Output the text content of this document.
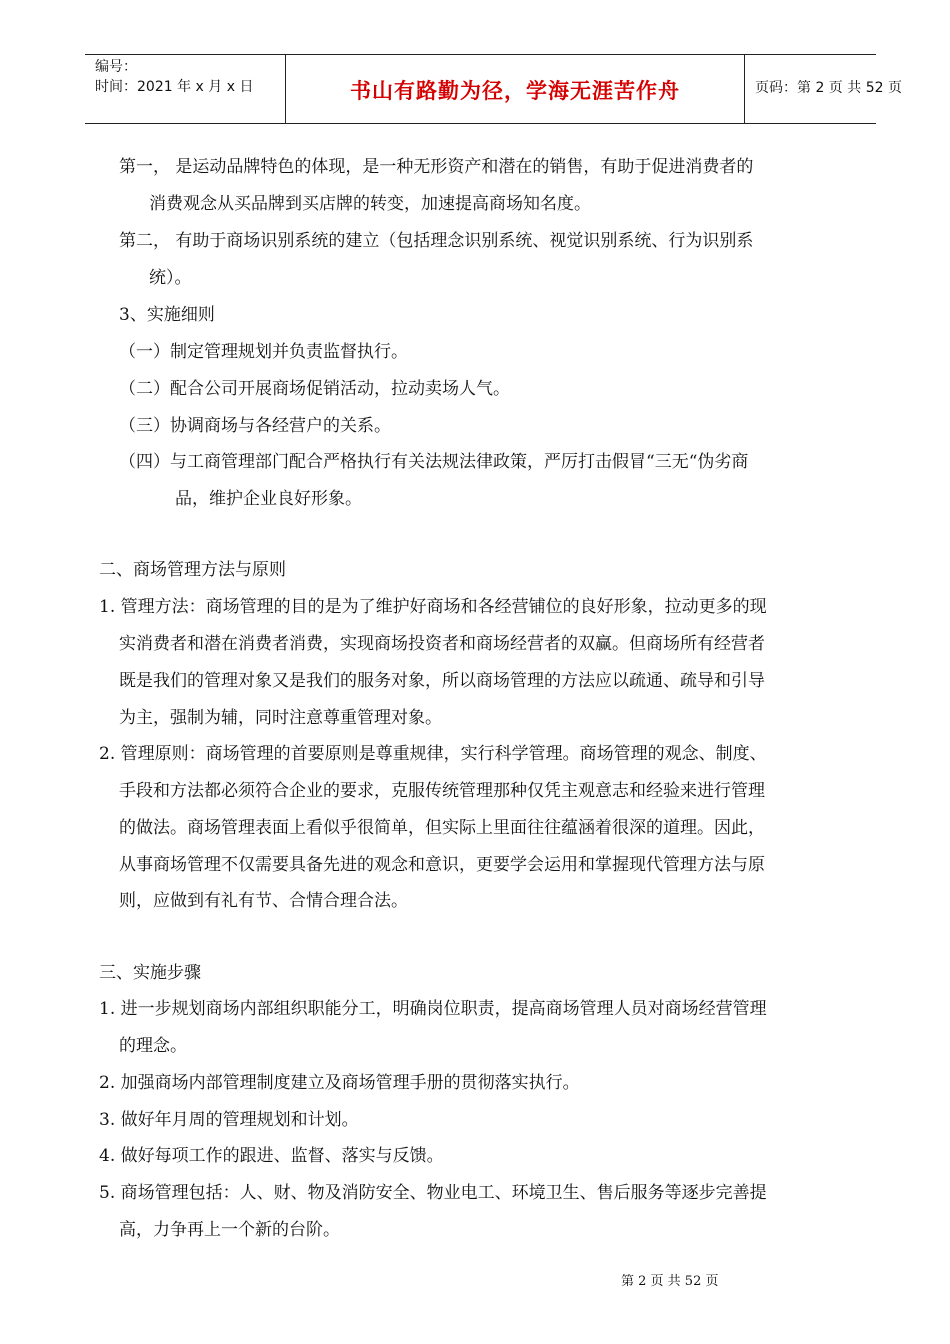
编号：
时间：2021 年 x 月 x 日	书山有路勤为径，学海无涯苦作舟	页码：第 2 页 共 52 页
第一， 是运动品牌特色的体现，是一种无形资产和潜在的销售，有助于促进消费者的
消费观念从买品牌到买店牌的转变，加速提高商场知名度。
第二， 有助于商场识别系统的建立（包括理念识别系统、视觉识别系统、行为识别系
统）。
3、实施细则
（一）制定管理规划并负责监督执行。
（二）配合公司开展商场促销活动，拉动卖场人气。
（三）协调商场与各经营户的关系。
（四）与工商管理部门配合严格执行有关法规法律政策，严厉打击假冒“三无“伪劣商
品，维护企业良好形象。
二、商场管理方法与原则
1. 管理方法：商场管理的目的是为了维护好商场和各经营铺位的良好形象，拉动更多的现
实消费者和潜在消费者消费，实现商场投资者和商场经营者的双赢。但商场所有经营者
既是我们的管理对象又是我们的服务对象，所以商场管理的方法应以疏通、疏导和引导
为主，强制为辅，同时注意尊重管理对象。
2. 管理原则：商场管理的首要原则是尊重规律，实行科学管理。商场管理的观念、制度、
手段和方法都必须符合企业的要求，克服传统管理那种仅凭主观意志和经验来进行管理
的做法。商场管理表面上看似乎很简单，但实际上里面往往蕴涵着很深的道理。因此，
从事商场管理不仅需要具备先进的观念和意识，更要学会运用和掌握现代管理方法与原
则，应做到有礼有节、合情合理合法。
三、实施步骤
1. 进一步规划商场内部组织职能分工，明确岗位职责，提高商场管理人员对商场经营管理
的理念。
2. 加强商场内部管理制度建立及商场管理手册的贯彻落实执行。
3. 做好年月周的管理规划和计划。
4. 做好每项工作的跟进、监督、落实与反馈。
5. 商场管理包括：人、财、物及消防安全、物业电工、环境卫生、售后服务等逐步完善提
高，力争再上一个新的台阶。
第 2 页 共 52 页
